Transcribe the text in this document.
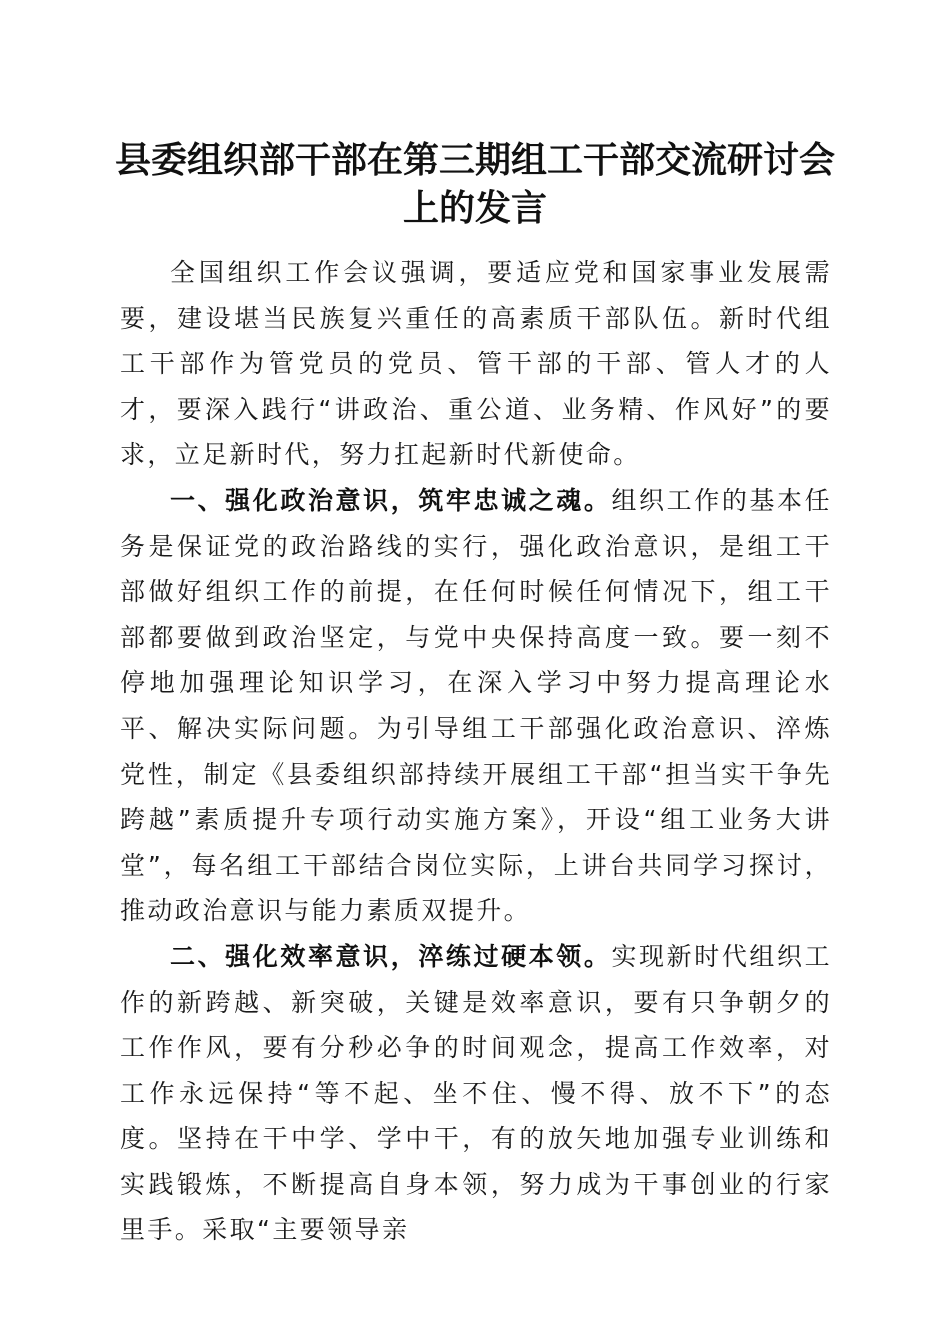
县委组织部干部在第三期组工干部交流研讨会上的发言

全国组织工作会议强调，要适应党和国家事业发展需要，建设堪当民族复兴重任的高素质干部队伍。新时代组工干部作为管党员的党员、管干部的干部、管人才的人才，要深入践行“讲政治、重公道、业务精、作风好”的要求，立足新时代，努力扛起新时代新使命。

一、强化政治意识，筑牢忠诚之魂。组织工作的基本任务是保证党的政治路线的实行，强化政治意识，是组工干部做好组织工作的前提，在任何时候任何情况下，组工干部都要做到政治坚定，与党中央保持高度一致。要一刻不停地加强理论知识学习，在深入学习中努力提高理论水平、解决实际问题。为引导组工干部强化政治意识、淬炼党性，制定《县委组织部持续开展组工干部“担当实干争先跨越”素质提升专项行动实施方案》，开设“组工业务大讲堂”，每名组工干部结合岗位实际，上讲台共同学习探讨，推动政治意识与能力素质双提升。

二、强化效率意识，淬练过硬本领。实现新时代组织工作的新跨越、新突破，关键是效率意识，要有只争朝夕的工作作风，要有分秒必争的时间观念，提高工作效率，对工作永远保持“等不起、坐不住、慢不得、放不下”的态度。坚持在干中学、学中干，有的放矢地加强专业训练和实践锻炼，不断提高自身本领，努力成为干事创业的行家里手。采取“主要领导亲
